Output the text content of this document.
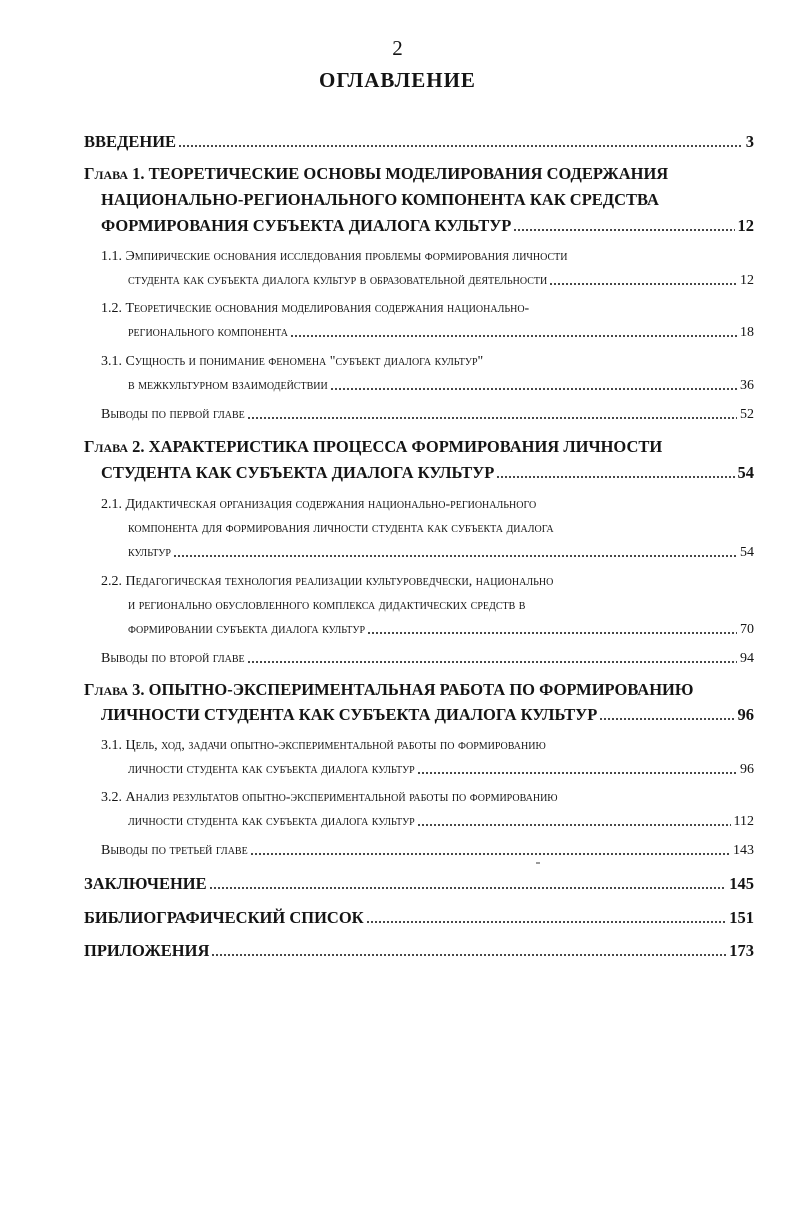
2
ОГЛАВЛЕНИЕ
ВВЕДЕНИЕ	3
Глава 1. ТЕОРЕТИЧЕСКИЕ ОСНОВЫ МОДЕЛИРОВАНИЯ СОДЕРЖАНИЯ
НАЦИОНАЛЬНО-РЕГИОНАЛЬНОГО КОМПОНЕНТА КАК СРЕДСТВА
ФОРМИРОВАНИЯ СУБЪЕКТА ДИАЛОГА КУЛЬТУР	12
1.1. Эмпирические основания исследования проблемы формирования личности
студента как субъекта диалога культур в образовательной деятельности	12
1.2. Теоретические основания моделирования содержания национально-
регионального компонента	18
3.1. Сущность и понимание феномена "субъект диалога культур"
в межкультурном взаимодействии	36
Выводы по первой главе	52
Глава 2. ХАРАКТЕРИСТИКА ПРОЦЕССА ФОРМИРОВАНИЯ ЛИЧНОСТИ
СТУДЕНТА КАК СУБЪЕКТА ДИАЛОГА КУЛЬТУР	54
2.1. Дидактическая организация содержания национально-регионального
компонента для формирования личности студента как субъекта диалога
культур	54
2.2. Педагогическая технология реализации культуроведчески, национально
и регионально обусловленного комплекса дидактических средств в
формировании субъекта диалога культур	70
Выводы по второй главе	94
Глава 3. ОПЫТНО-ЭКСПЕРИМЕНТАЛЬНАЯ РАБОТА ПО ФОРМИРОВАНИЮ
ЛИЧНОСТИ СТУДЕНТА КАК СУБЪЕКТА ДИАЛОГА КУЛЬТУР	96
3.1. Цель, ход, задачи опытно-экспериментальной работы по формированию
личности студента как субъекта диалога культур	96
3.2. Анализ результатов опытно-экспериментальной работы по формированию
личности студента как субъекта диалога культур	112
Выводы по третьей главе	143
ЗАКЛЮЧЕНИЕ	145
БИБЛИОГРАФИЧЕСКИЙ СПИСОК	151
ПРИЛОЖЕНИЯ	173
